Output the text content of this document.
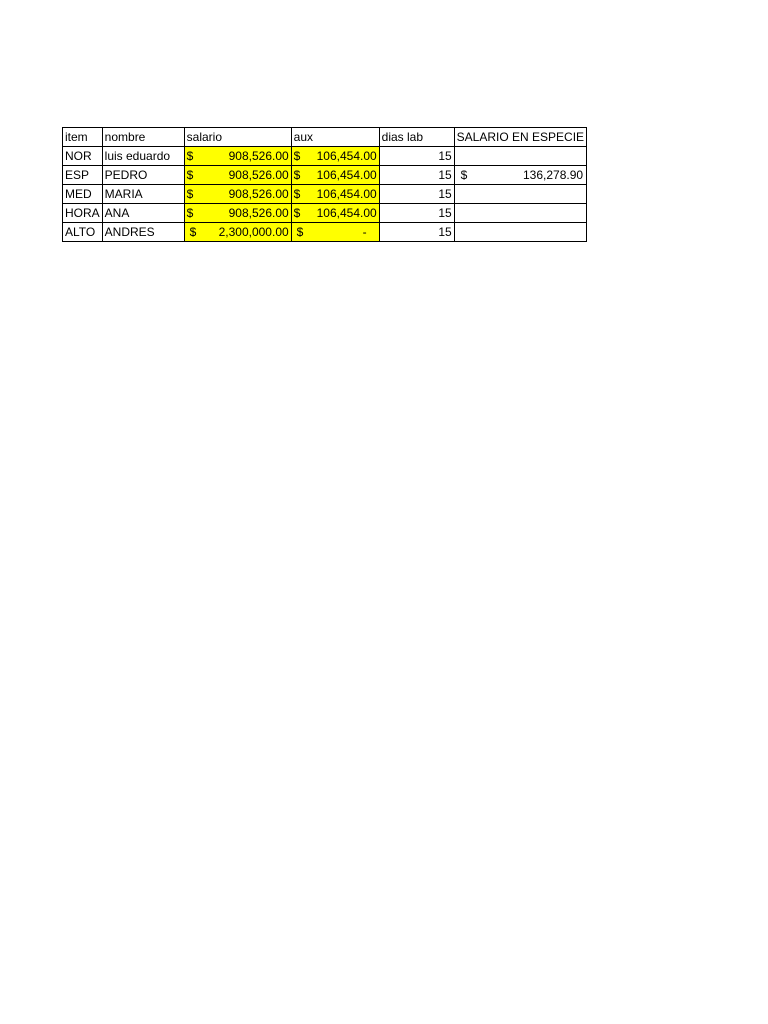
item	nombre	salario	aux	dias lab	SALARIO EN ESPECIE
NOR	luis eduardo	$ 908,526.00	$ 106,454.00	15	
ESP	PEDRO	$ 908,526.00	$ 106,454.00	15	$ 136,278.90

MED	MARIA	$ 908,526.00	$ 106,454.00	15	
HORA	ANA	$ 908,526.00	$ 106,454.00	15	
ALTO	ANDRES	$ 2,300,000.00	$ -	15	
